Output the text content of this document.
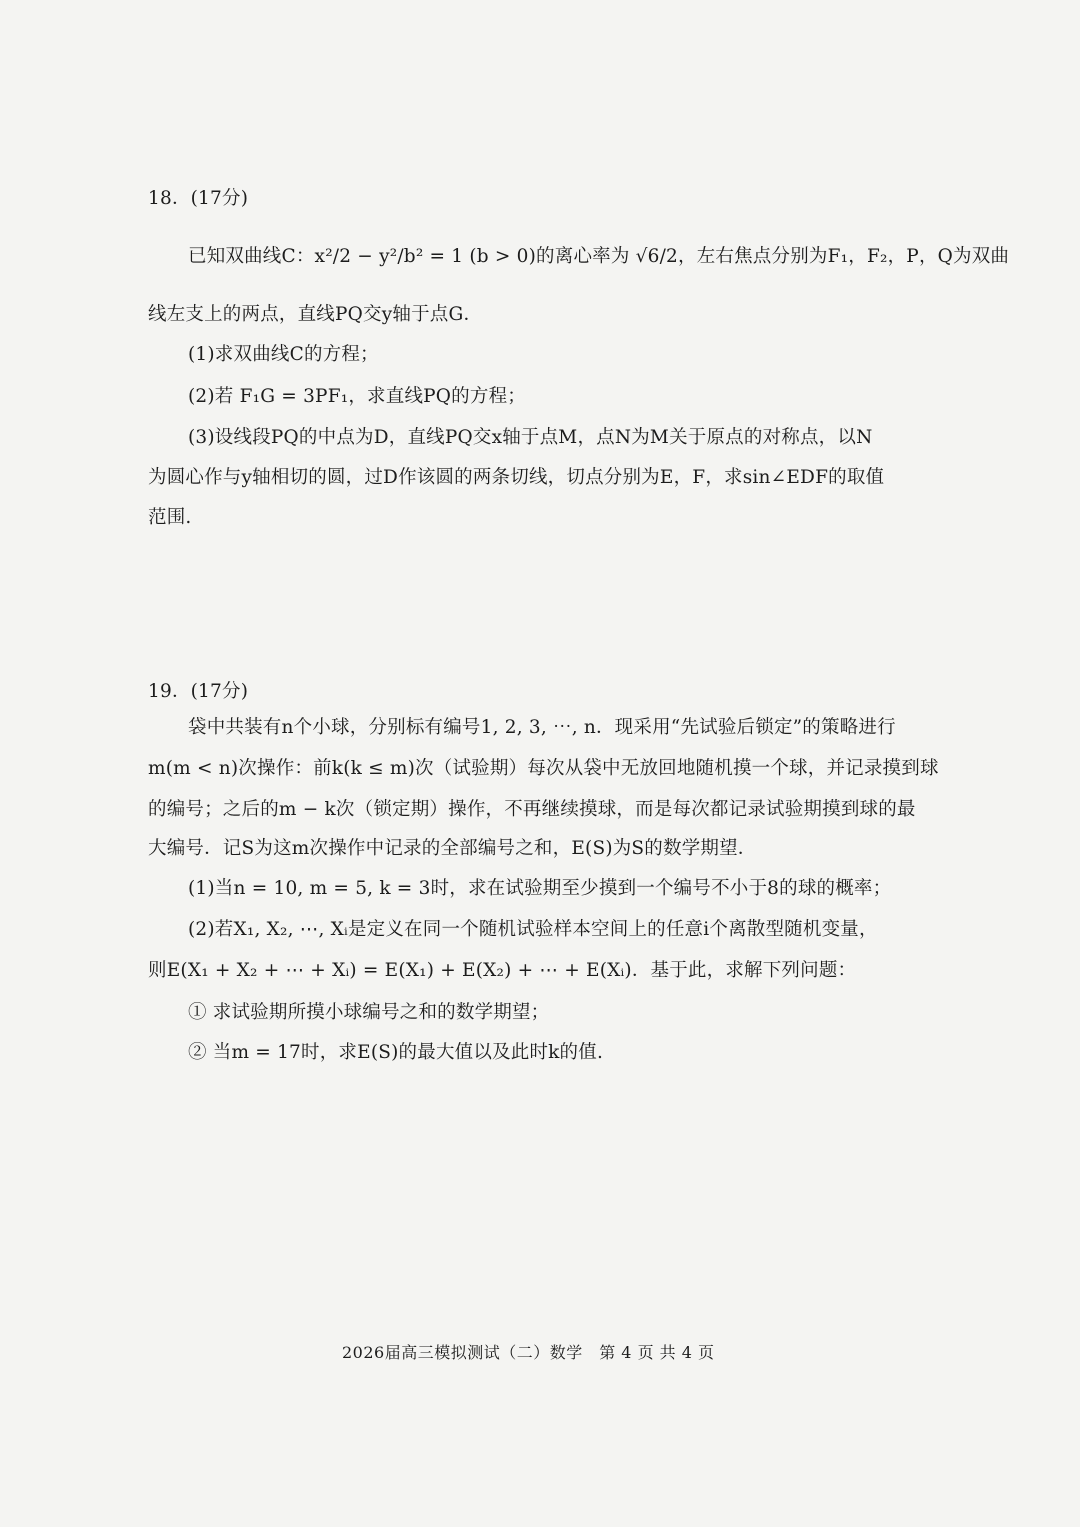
18．(17分)
已知双曲线C：x²/2 − y²/b² = 1 (b > 0)的离心率为 √6/2，左右焦点分别为F₁，F₂，P，Q为双曲
线左支上的两点，直线PQ交y轴于点G．
(1)求双曲线C的方程；
(2)若 F₁G = 3PF₁，求直线PQ的方程；
(3)设线段PQ的中点为D，直线PQ交x轴于点M，点N为M关于原点的对称点，以N
为圆心作与y轴相切的圆，过D作该圆的两条切线，切点分别为E，F，求sin∠EDF的取值
范围.
19．(17分)
袋中共装有n个小球，分别标有编号1, 2, 3, ⋯, n．现采用“先试验后锁定”的策略进行
m(m < n)次操作：前k(k ≤ m)次（试验期）每次从袋中无放回地随机摸一个球，并记录摸到球
的编号；之后的m − k次（锁定期）操作，不再继续摸球，而是每次都记录试验期摸到球的最
大编号．记S为这m次操作中记录的全部编号之和，E(S)为S的数学期望．
(1)当n = 10, m = 5, k = 3时，求在试验期至少摸到一个编号不小于8的球的概率；
(2)若X₁, X₂, ⋯, Xᵢ是定义在同一个随机试验样本空间上的任意i个离散型随机变量，
则E(X₁ + X₂ + ⋯ + Xᵢ) = E(X₁) + E(X₂) + ⋯ + E(Xᵢ)．基于此，求解下列问题：
① 求试验期所摸小球编号之和的数学期望；
② 当m = 17时，求E(S)的最大值以及此时k的值.
2026届高三模拟测试（二）数学　第 4 页 共 4 页
